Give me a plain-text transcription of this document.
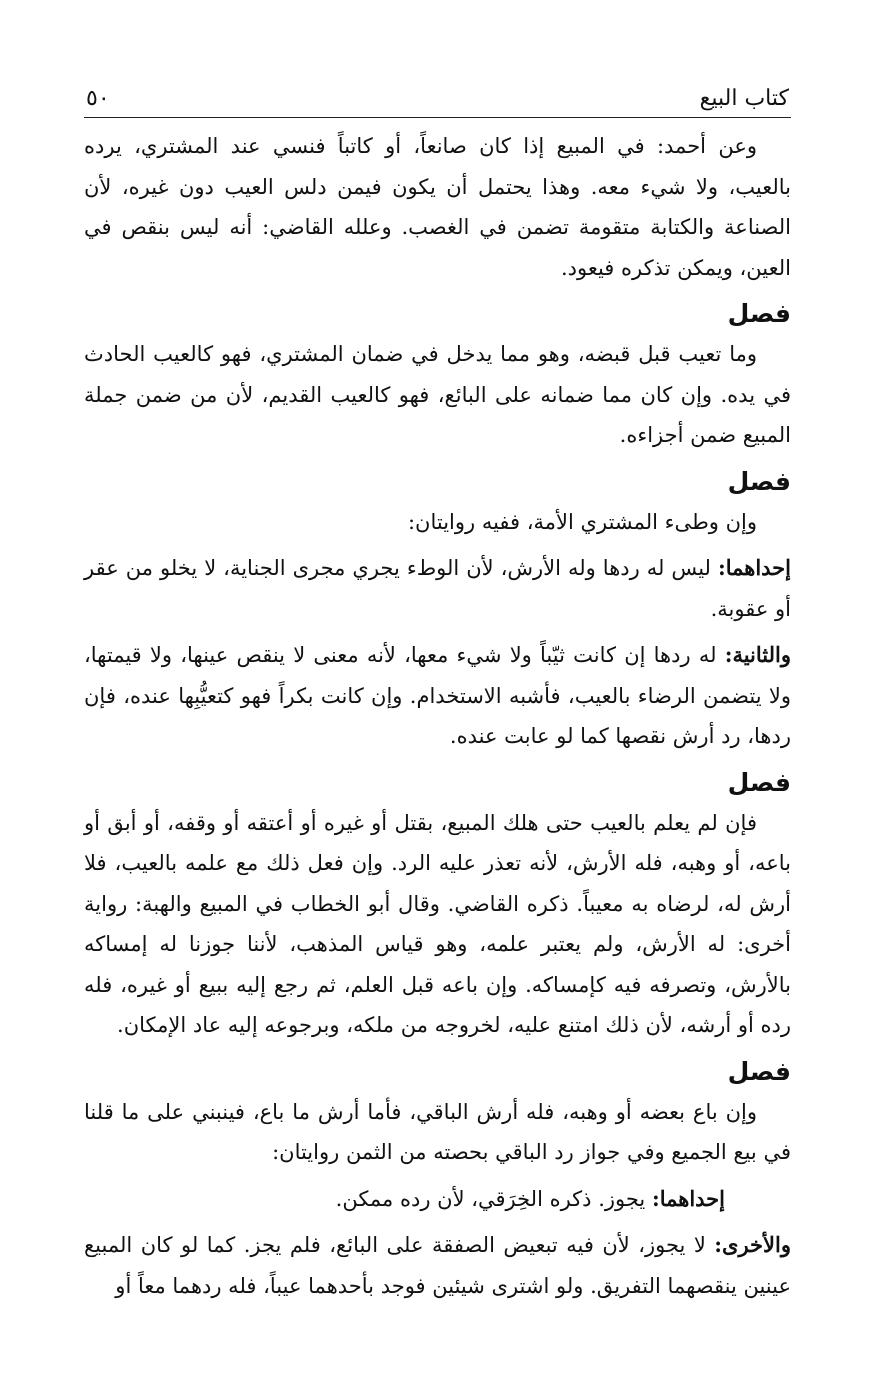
كتاب البيع
٥٠

وعن أحمد: في المبيع إذا كان صانعاً، أو كاتباً فنسي عند المشتري، يرده بالعيب، ولا شيء معه. وهذا يحتمل أن يكون فيمن دلس العيب دون غيره، لأن الصناعة والكتابة متقومة تضمن في الغصب. وعلله القاضي: أنه ليس بنقص في العين، ويمكن تذكره فيعود.

فصل

وما تعيب قبل قبضه، وهو مما يدخل في ضمان المشتري، فهو كالعيب الحادث في يده. وإن كان مما ضمانه على البائع، فهو كالعيب القديم، لأن من ضمن جملة المبيع ضمن أجزاءه.

فصل

وإن وطىء المشتري الأمة، ففيه روايتان:

إحداهما: ليس له ردها وله الأرش، لأن الوطء يجري مجرى الجناية، لا يخلو من عقر أو عقوبة.

والثانية: له ردها إن كانت ثيّباً ولا شيء معها، لأنه معنى لا ينقص عينها، ولا قيمتها، ولا يتضمن الرضاء بالعيب، فأشبه الاستخدام. وإن كانت بكراً فهو كتعيُّبِها عنده، فإن ردها، رد أرش نقصها كما لو عابت عنده.

فصل

فإن لم يعلم بالعيب حتى هلك المبيع، بقتل أو غيره أو أعتقه أو وقفه، أو أبق أو باعه، أو وهبه، فله الأرش، لأنه تعذر عليه الرد. وإن فعل ذلك مع علمه بالعيب، فلا أرش له، لرضاه به معيباً. ذكره القاضي. وقال أبو الخطاب في المبيع والهبة: رواية أخرى: له الأرش، ولم يعتبر علمه، وهو قياس المذهب، لأننا جوزنا له إمساكه بالأرش، وتصرفه فيه كإمساكه. وإن باعه قبل العلم، ثم رجع إليه ببيع أو غيره، فله رده أو أرشه، لأن ذلك امتنع عليه، لخروجه من ملكه، وبرجوعه إليه عاد الإمكان.

فصل

وإن باع بعضه أو وهبه، فله أرش الباقي، فأما أرش ما باع، فينبني على ما قلنا في بيع الجميع وفي جواز رد الباقي بحصته من الثمن روايتان:

إحداهما: يجوز. ذكره الخِرَقي، لأن رده ممكن.

والأخرى: لا يجوز، لأن فيه تبعيض الصفقة على البائع، فلم يجز. كما لو كان المبيع عينين ينقصهما التفريق. ولو اشترى شيئين فوجد بأحدهما عيباً، فله ردهما معاً أو
